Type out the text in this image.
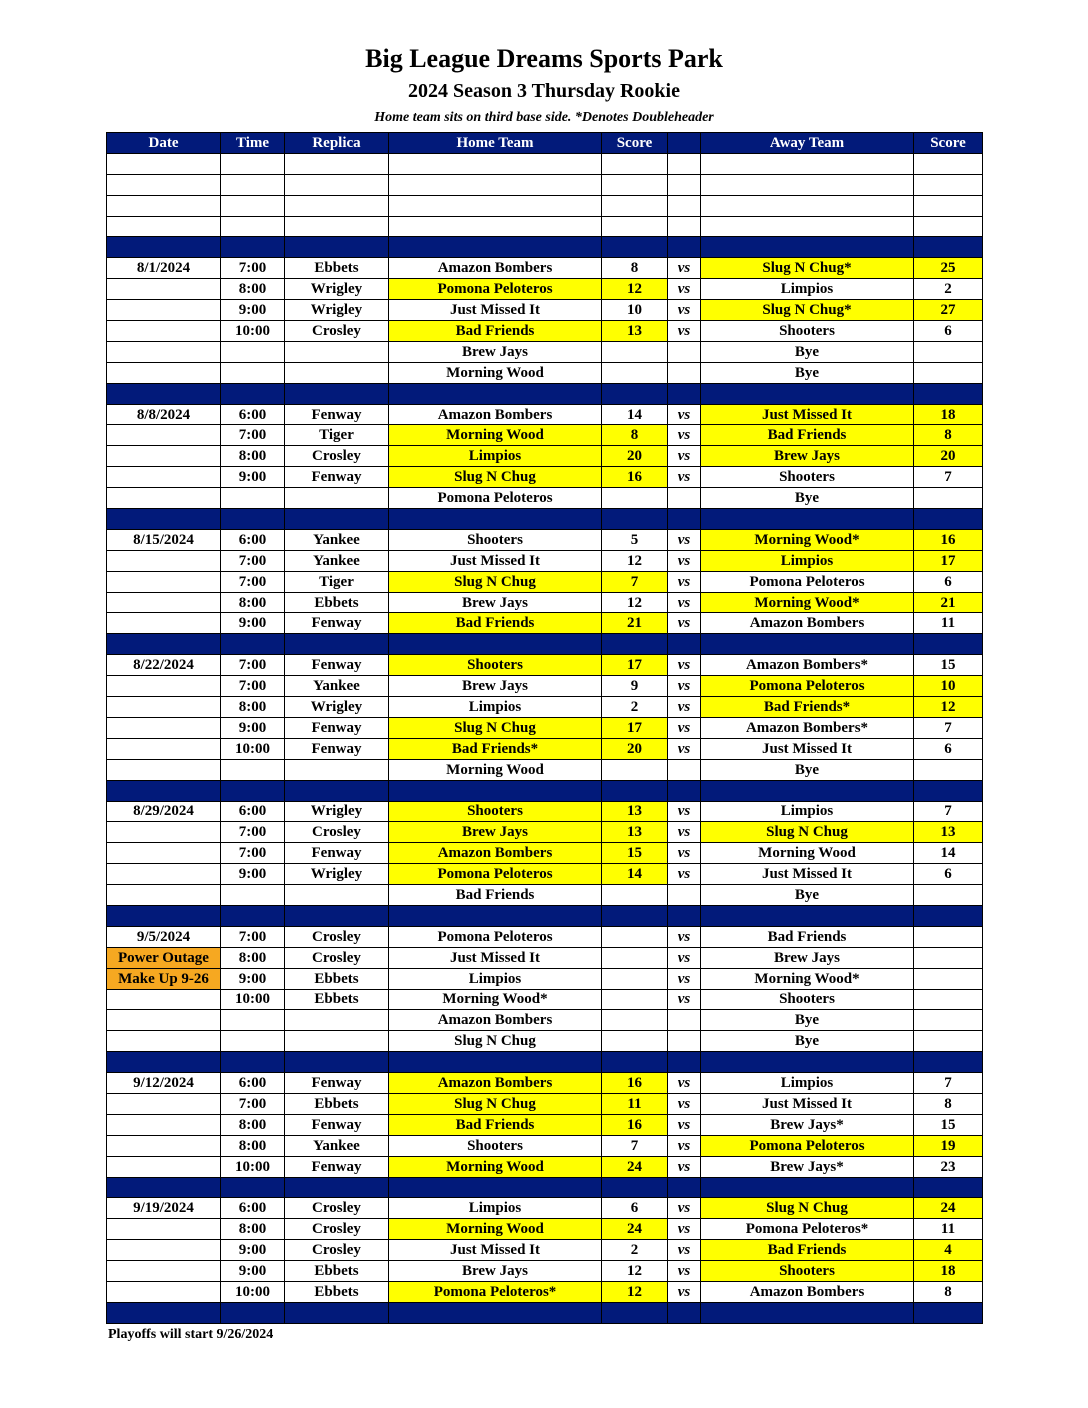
Big League Dreams Sports Park
2024 Season 3 Thursday Rookie
Home team sits on third base side. *Denotes Doubleheader
Date	Time	Replica	Home Team	Score		Away Team	Score

8/1/2024	7:00	Ebbets	Amazon Bombers	8	vs	Slug N Chug*	25
	8:00	Wrigley	Pomona Peloteros	12	vs	Limpios	2
	9:00	Wrigley	Just Missed It	10	vs	Slug N Chug*	27
	10:00	Crosley	Bad Friends	13	vs	Shooters	6
			Brew Jays			Bye	
			Morning Wood			Bye	

8/8/2024	6:00	Fenway	Amazon Bombers	14	vs	Just Missed It	18
	7:00	Tiger	Morning Wood	8	vs	Bad Friends	8
	8:00	Crosley	Limpios	20	vs	Brew Jays	20
	9:00	Fenway	Slug N Chug	16	vs	Shooters	7
			Pomona Peloteros			Bye	

8/15/2024	6:00	Yankee	Shooters	5	vs	Morning Wood*	16
	7:00	Yankee	Just Missed It	12	vs	Limpios	17
	7:00	Tiger	Slug N Chug	7	vs	Pomona Peloteros	6
	8:00	Ebbets	Brew Jays	12	vs	Morning Wood*	21
	9:00	Fenway	Bad Friends	21	vs	Amazon Bombers	11

8/22/2024	7:00	Fenway	Shooters	17	vs	Amazon Bombers*	15
	7:00	Yankee	Brew Jays	9	vs	Pomona Peloteros	10
	8:00	Wrigley	Limpios	2	vs	Bad Friends*	12
	9:00	Fenway	Slug N Chug	17	vs	Amazon Bombers*	7
	10:00	Fenway	Bad Friends*	20	vs	Just Missed It	6
			Morning Wood			Bye	

8/29/2024	6:00	Wrigley	Shooters	13	vs	Limpios	7
	7:00	Crosley	Brew Jays	13	vs	Slug N Chug	13
	7:00	Fenway	Amazon Bombers	15	vs	Morning Wood	14
	9:00	Wrigley	Pomona Peloteros	14	vs	Just Missed It	6
			Bad Friends			Bye	

9/5/2024	7:00	Crosley	Pomona Peloteros		vs	Bad Friends	
Power Outage	8:00	Crosley	Just Missed It		vs	Brew Jays	
Make Up 9-26	9:00	Ebbets	Limpios		vs	Morning Wood*	
	10:00	Ebbets	Morning Wood*		vs	Shooters	
			Amazon Bombers			Bye	
			Slug N Chug			Bye	

9/12/2024	6:00	Fenway	Amazon Bombers	16	vs	Limpios	7
	7:00	Ebbets	Slug N Chug	11	vs	Just Missed It	8
	8:00	Fenway	Bad Friends	16	vs	Brew Jays*	15
	8:00	Yankee	Shooters	7	vs	Pomona Peloteros	19
	10:00	Fenway	Morning Wood	24	vs	Brew Jays*	23

9/19/2024	6:00	Crosley	Limpios	6	vs	Slug N Chug	24
	8:00	Crosley	Morning Wood	24	vs	Pomona Peloteros*	11
	9:00	Crosley	Just Missed It	2	vs	Bad Friends	4
	9:00	Ebbets	Brew Jays	12	vs	Shooters	18
	10:00	Ebbets	Pomona Peloteros*	12	vs	Amazon Bombers	8

Playoffs will start 9/26/2024
